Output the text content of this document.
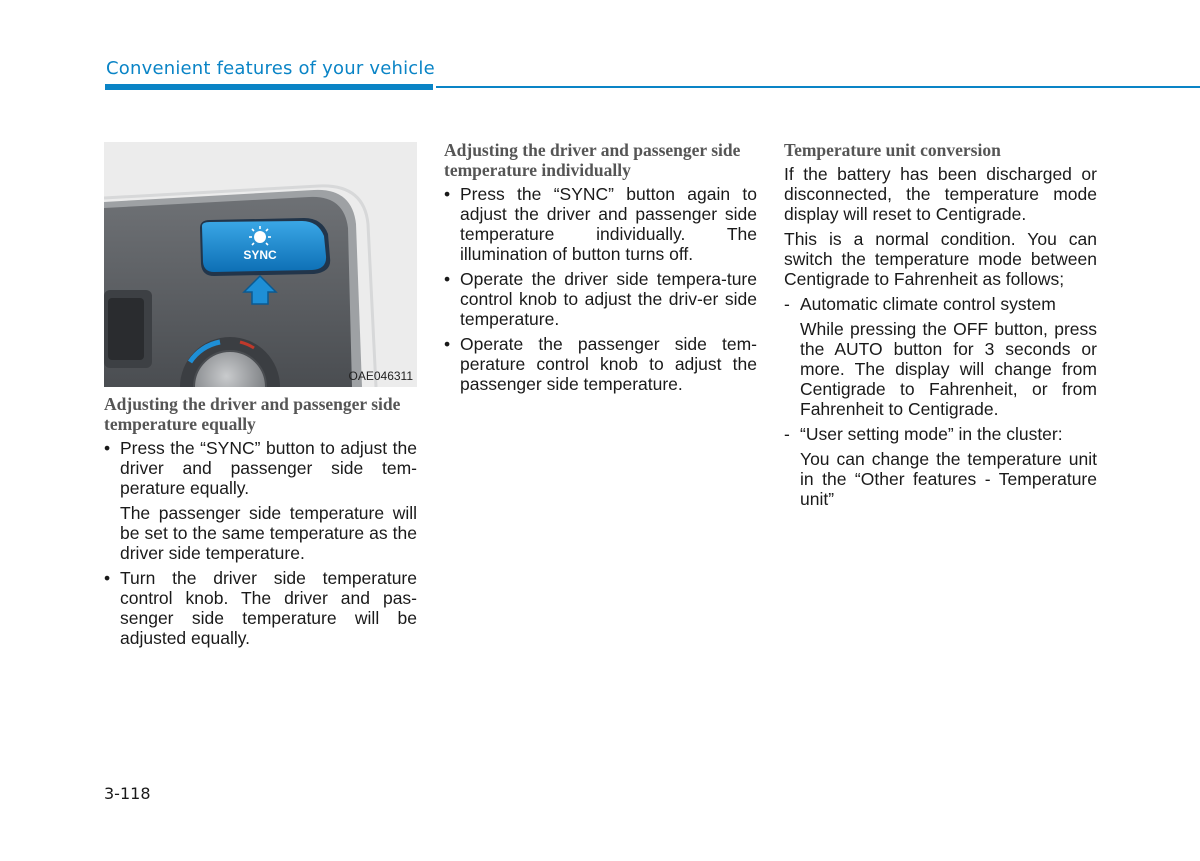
Convenient features of your vehicle
SYNC
OAE046311
Adjusting the driver and passenger side temperature equally
• Press the “SYNC” button to adjust the driver and passenger side tem-perature equally.
The passenger side temperature will be set to the same temperature as the driver side temperature.
• Turn the driver side temperature control knob. The driver and pas-senger side temperature will be adjusted equally.
Adjusting the driver and passenger side temperature individually
• Press the “SYNC” button again to adjust the driver and passenger side temperature individually. The illumination of button turns off.
• Operate the driver side tempera-ture control knob to adjust the driv-er side temperature.
• Operate the passenger side tem-perature control knob to adjust the passenger side temperature.
Temperature unit conversion
If the battery has been discharged or disconnected, the temperature mode display will reset to Centigrade.
This is a normal condition. You can switch the temperature mode between Centigrade to Fahrenheit as follows;
- Automatic climate control system
While pressing the OFF button, press the AUTO button for 3 seconds or more. The display will change from Centigrade to Fahrenheit, or from Fahrenheit to Centigrade.
- “User setting mode” in the cluster:
You can change the temperature unit in the “Other features - Temperature unit”
3-118
